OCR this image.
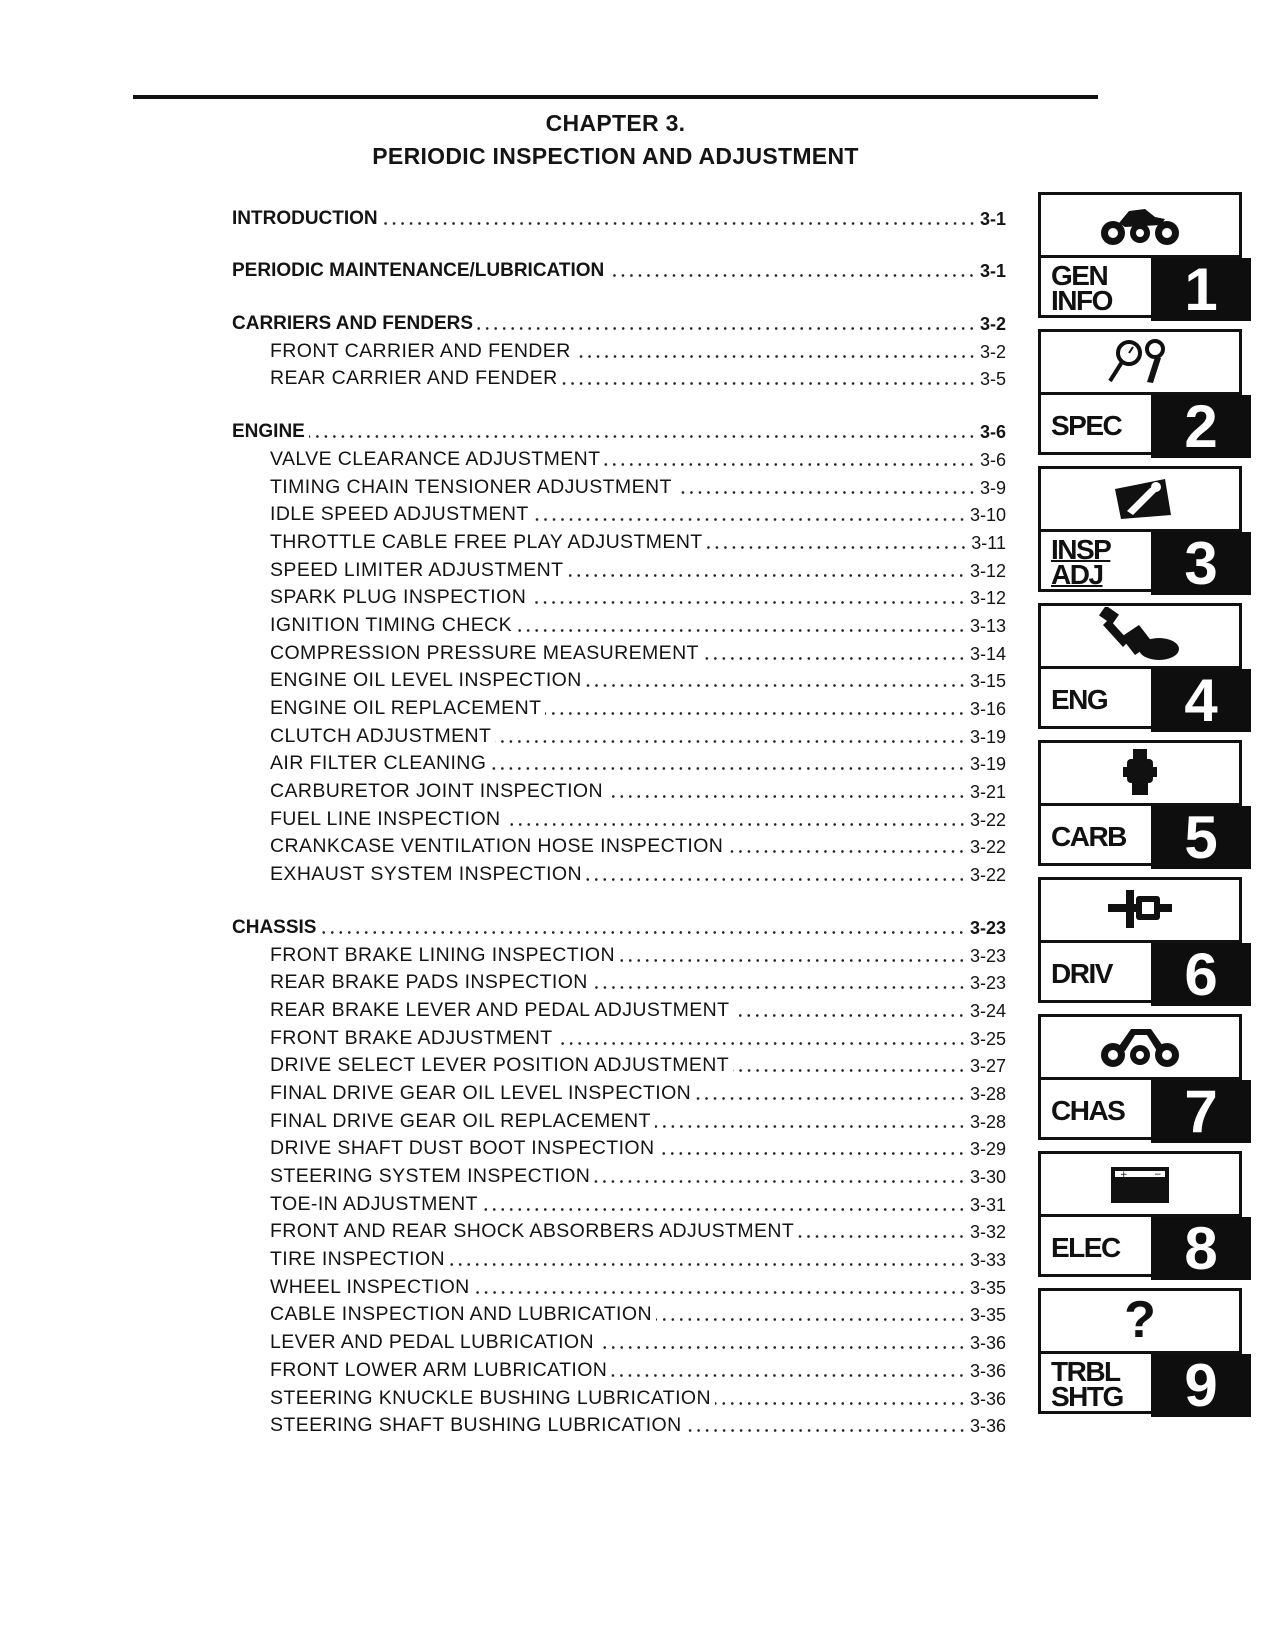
CHAPTER 3.
PERIODIC INSPECTION AND ADJUSTMENT
INTRODUCTION	3-1
PERIODIC MAINTENANCE/LUBRICATION	3-1
CARRIERS AND FENDERS	3-2
FRONT CARRIER AND FENDER	3-2
REAR CARRIER AND FENDER	3-5
ENGINE	3-6
VALVE CLEARANCE ADJUSTMENT	3-6
TIMING CHAIN TENSIONER ADJUSTMENT	3-9
IDLE SPEED ADJUSTMENT	3-10
THROTTLE CABLE FREE PLAY ADJUSTMENT	3-11
SPEED LIMITER ADJUSTMENT	3-12
SPARK PLUG INSPECTION	3-12
IGNITION TIMING CHECK	3-13
COMPRESSION PRESSURE MEASUREMENT	3-14
ENGINE OIL LEVEL INSPECTION	3-15
ENGINE OIL REPLACEMENT	3-16
CLUTCH ADJUSTMENT	3-19
AIR FILTER CLEANING	3-19
CARBURETOR JOINT INSPECTION	3-21
FUEL LINE INSPECTION	3-22
CRANKCASE VENTILATION HOSE INSPECTION	3-22
EXHAUST SYSTEM INSPECTION	3-22
CHASSIS	3-23
FRONT BRAKE LINING INSPECTION	3-23
REAR BRAKE PADS INSPECTION	3-23
REAR BRAKE LEVER AND PEDAL ADJUSTMENT	3-24
FRONT BRAKE ADJUSTMENT	3-25
DRIVE SELECT LEVER POSITION ADJUSTMENT	3-27
FINAL DRIVE GEAR OIL LEVEL INSPECTION	3-28
FINAL DRIVE GEAR OIL REPLACEMENT	3-28
DRIVE SHAFT DUST BOOT INSPECTION	3-29
STEERING SYSTEM INSPECTION	3-30
TOE-IN ADJUSTMENT	3-31
FRONT AND REAR SHOCK ABSORBERS ADJUSTMENT	3-32
TIRE INSPECTION	3-33
WHEEL INSPECTION	3-35
CABLE INSPECTION AND LUBRICATION	3-35
LEVER AND PEDAL LUBRICATION	3-36
FRONT LOWER ARM LUBRICATION	3-36
STEERING KNUCKLE BUSHING LUBRICATION	3-36
STEERING SHAFT BUSHING LUBRICATION	3-36
GEN
INFO	1
SPEC	2
INSP
ADJ	3
ENG	4
CARB 5
DRIV	6
CHAS 7
+	−
ELEC	8
?
TRBL
SHTG	9
